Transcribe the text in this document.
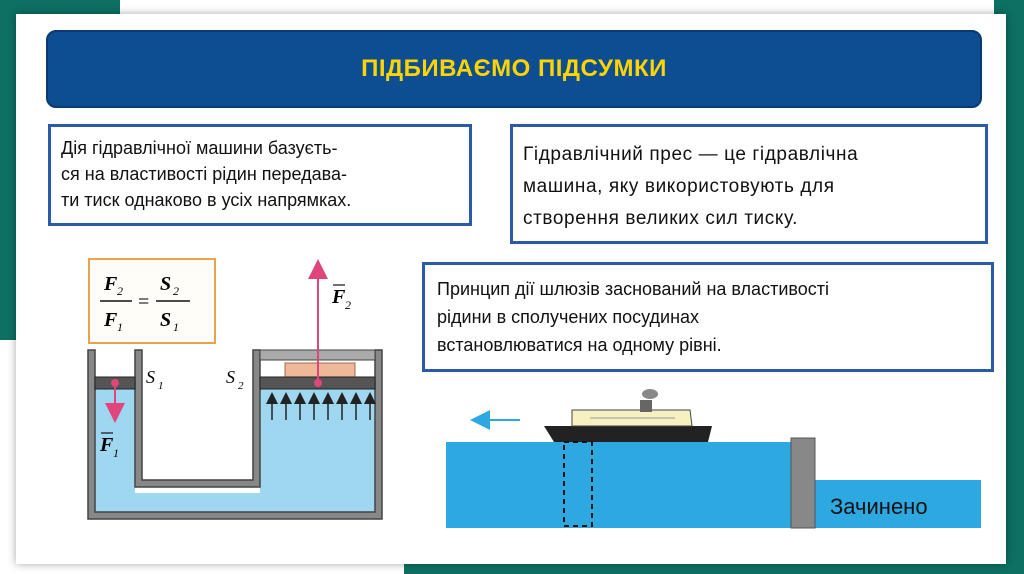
ПІДБИВАЄМО ПІДСУМКИ
Дія гідравлічної машини базуєть-
ся на властивості рідин передава-
ти тиск однаково в усіх напрямках.
Гідравлічний прес — це гідравлічна
машина, яку використовують для
створення великих сил тиску.
Принцип дії шлюзів заснований на властивості
рідини в сполучених посудинах
встановлюватися на одному рівні.
F 2
F 1
=
S 2
S 1
S 1	S 2
F 1
F 2
Зачинено
